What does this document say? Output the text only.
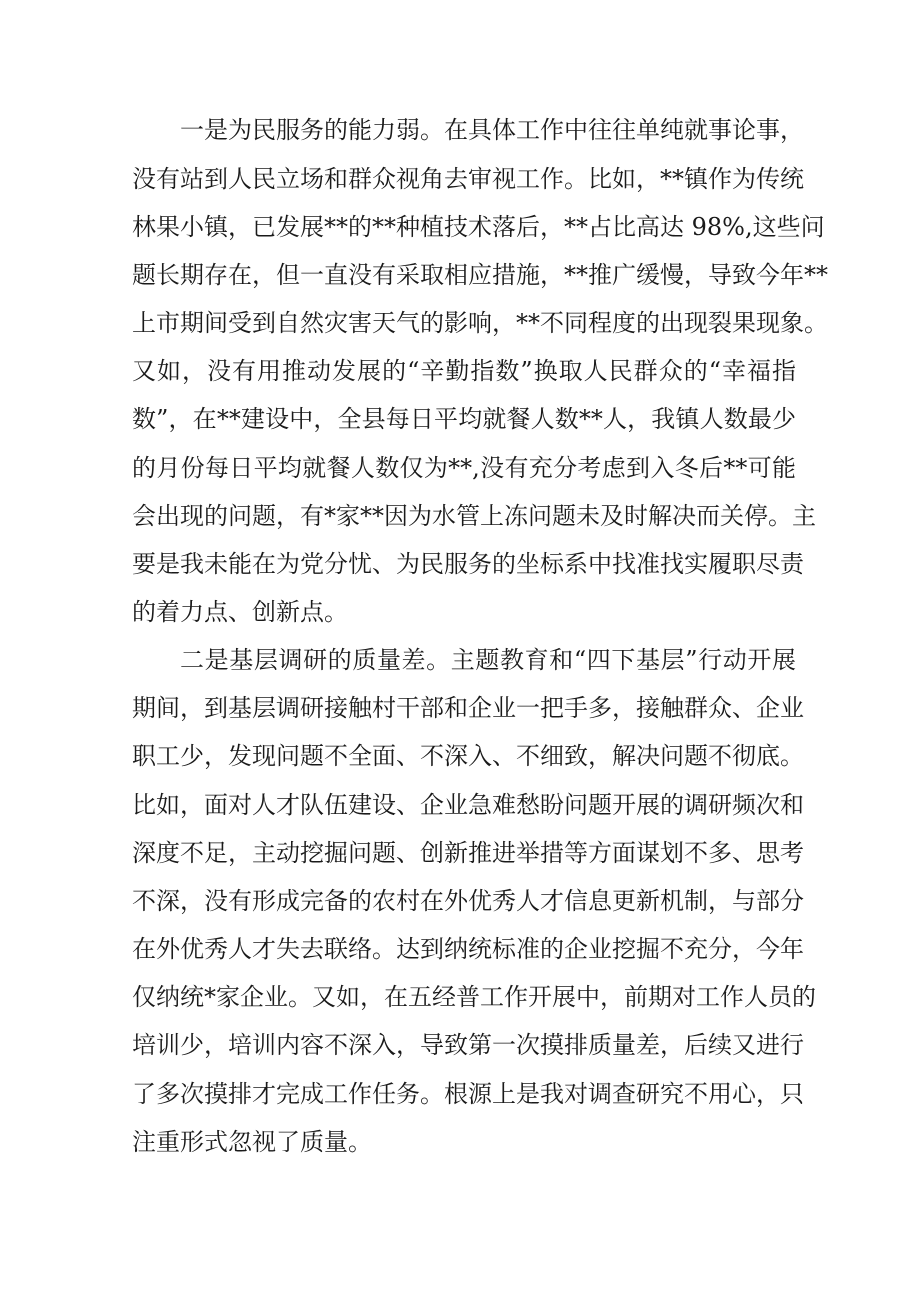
一是为民服务的能力弱。在具体工作中往往单纯就事论事，
没有站到人民立场和群众视角去审视工作。比如，**镇作为传统
林果小镇，已发展**的**种植技术落后，**占比高达 98%,这些问
题长期存在，但一直没有采取相应措施，**推广缓慢，导致今年**
上市期间受到自然灾害天气的影响，**不同程度的出现裂果现象。
又如，没有用推动发展的“辛勤指数”换取人民群众的“幸福指
数”，在**建设中，全县每日平均就餐人数**人，我镇人数最少
的月份每日平均就餐人数仅为**,没有充分考虑到入冬后**可能
会出现的问题，有*家**因为水管上冻问题未及时解决而关停。主
要是我未能在为党分忧、为民服务的坐标系中找准找实履职尽责
的着力点、创新点。
二是基层调研的质量差。主题教育和“四下基层”行动开展
期间，到基层调研接触村干部和企业一把手多，接触群众、企业
职工少，发现问题不全面、不深入、不细致，解决问题不彻底。
比如，面对人才队伍建设、企业急难愁盼问题开展的调研频次和
深度不足，主动挖掘问题、创新推进举措等方面谋划不多、思考
不深，没有形成完备的农村在外优秀人才信息更新机制，与部分
在外优秀人才失去联络。达到纳统标准的企业挖掘不充分，今年
仅纳统*家企业。又如，在五经普工作开展中，前期对工作人员的
培训少，培训内容不深入，导致第一次摸排质量差，后续又进行
了多次摸排才完成工作任务。根源上是我对调查研究不用心，只
注重形式忽视了质量。
